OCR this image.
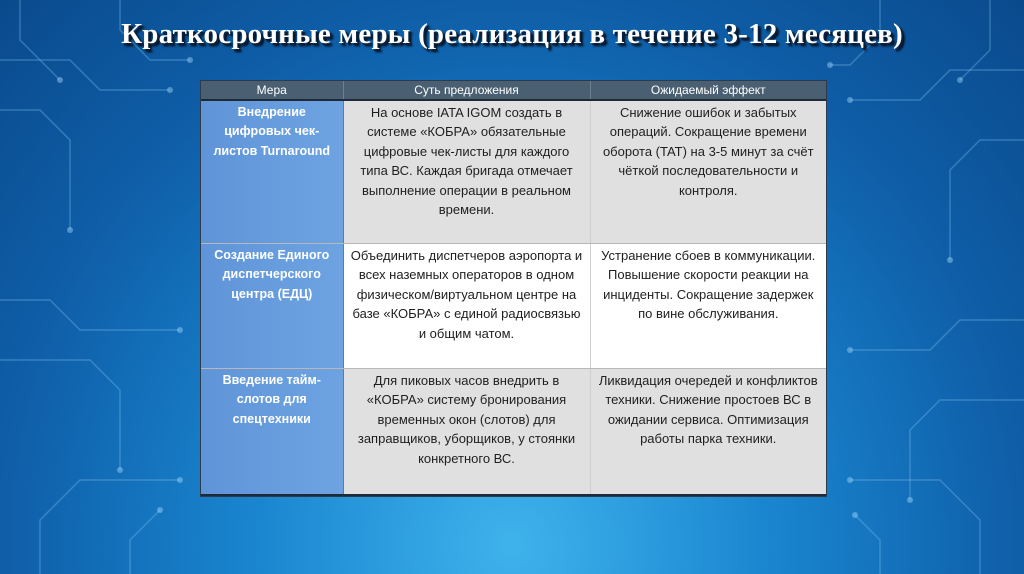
Краткосрочные меры (реализация в течение 3-12 месяцев)
Мера	Суть предложения	Ожидаемый эффект
Внедрение цифровых чек-листов Turnaround	На основе IATA IGOM создать в системе «КОБРА» обязательные цифровые чек-листы для каждого типа ВС. Каждая бригада отмечает выполнение операции в реальном времени.	Снижение ошибок и забытых операций. Сокращение времени оборота (TAT) на 3-5 минут за счёт чёткой последовательности и контроля.
Создание Единого диспетчерского центра (ЕДЦ)	Объединить диспетчеров аэропорта и всех наземных операторов в одном физическом/виртуальном центре на базе «КОБРА» с единой радиосвязью и общим чатом.	Устранение сбоев в коммуникации. Повышение скорости реакции на инциденты. Сокращение задержек по вине обслуживания.
Введение тайм-слотов для спецтехники	Для пиковых часов внедрить в «КОБРА» систему бронирования временных окон (слотов) для заправщиков, уборщиков, у стоянки конкретного ВС.	Ликвидация очередей и конфликтов техники. Снижение простоев ВС в ожидании сервиса. Оптимизация работы парка техники.
